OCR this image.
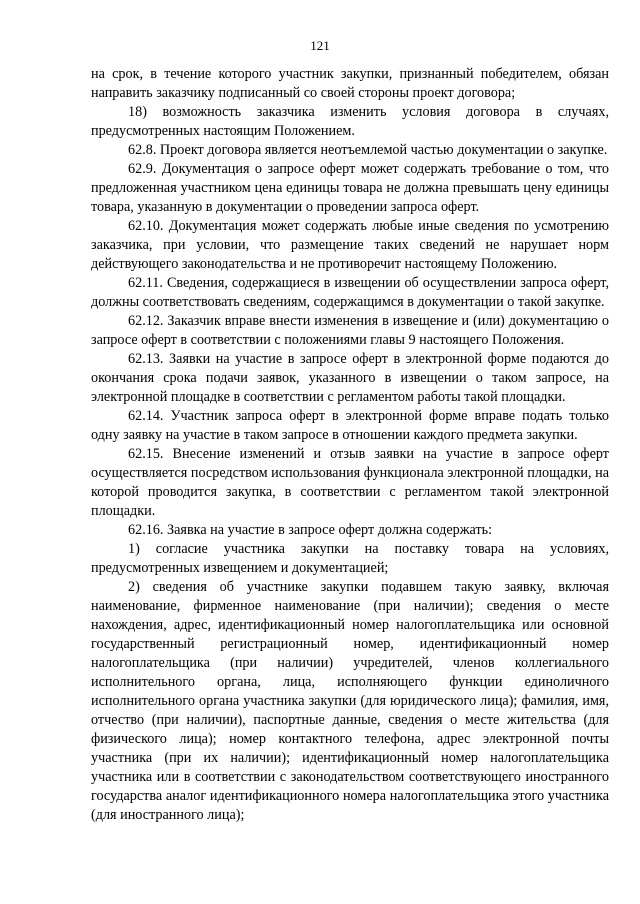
121

на срок, в течение которого участник закупки, признанный победителем, обязан направить заказчику подписанный со своей стороны проект договора;

18) возможность заказчика изменить условия договора в случаях, предусмотренных настоящим Положением.

62.8. Проект договора является неотъемлемой частью документации о закупке.

62.9. Документация о запросе оферт может содержать требование о том, что предложенная участником цена единицы товара не должна превышать цену единицы товара, указанную в документации о проведении запроса оферт.

62.10. Документация может содержать любые иные сведения по усмотрению заказчика, при условии, что размещение таких сведений не нарушает норм действующего законодательства и не противоречит настоящему Положению.

62.11. Сведения, содержащиеся в извещении об осуществлении запроса оферт, должны соответствовать сведениям, содержащимся в документации о такой закупке.

62.12. Заказчик вправе внести изменения в извещение и (или) документацию о запросе оферт в соответствии с положениями главы 9 настоящего Положения.

62.13. Заявки на участие в запросе оферт в электронной форме подаются до окончания срока подачи заявок, указанного в извещении о таком запросе, на электронной площадке в соответствии с регламентом работы такой площадки.

62.14. Участник запроса оферт в электронной форме вправе подать только одну заявку на участие в таком запросе в отношении каждого предмета закупки.

62.15. Внесение изменений и отзыв заявки на участие в запросе оферт осуществляется посредством использования функционала электронной площадки, на которой проводится закупка, в соответствии с регламентом такой электронной площадки.

62.16. Заявка на участие в запросе оферт должна содержать:

1) согласие участника закупки на поставку товара на условиях, предусмотренных извещением и документацией;

2) сведения об участнике закупки подавшем такую заявку, включая наименование, фирменное наименование (при наличии); сведения о месте нахождения, адрес, идентификационный номер налогоплательщика или основной государственный регистрационный номер, идентификационный номер налогоплательщика (при наличии) учредителей, членов коллегиального исполнительного органа, лица, исполняющего функции единоличного исполнительного органа участника закупки (для юридического лица); фамилия, имя, отчество (при наличии), паспортные данные, сведения о месте жительства (для физического лица); номер контактного телефона, адрес электронной почты участника (при их наличии); идентификационный номер налогоплательщика участника или в соответствии с законодательством соответствующего иностранного государства аналог идентификационного номера налогоплательщика этого участника (для иностранного лица);
